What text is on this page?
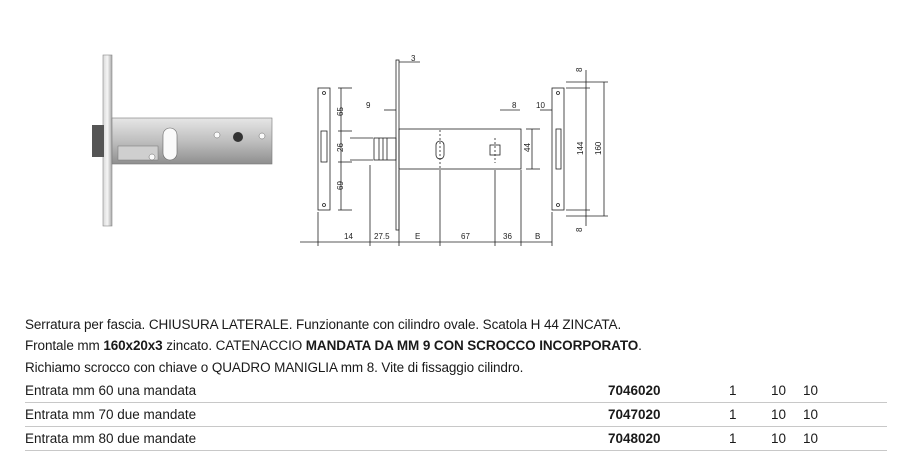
3
65
26
69
9	8 10
44
8
144 160
8
14	27.5	E	67	36	B
Serratura per fascia. CHIUSURA LATERALE. Funzionante con cilindro ovale. Scatola H 44 ZINCATA.
Frontale mm 160x20x3 zincato. CATENACCIO MANDATA DA MM 9 CON SCROCCO INCORPORATO.
Richiamo scrocco con chiave o QUADRO MANIGLIA mm 8. Vite di fissaggio cilindro.
Entrata mm 60 una mandata	7046020	1	10 10
Entrata mm 70 due mandate	7047020	1	10 10
Entrata mm 80 due mandate	7048020	1	10 10
